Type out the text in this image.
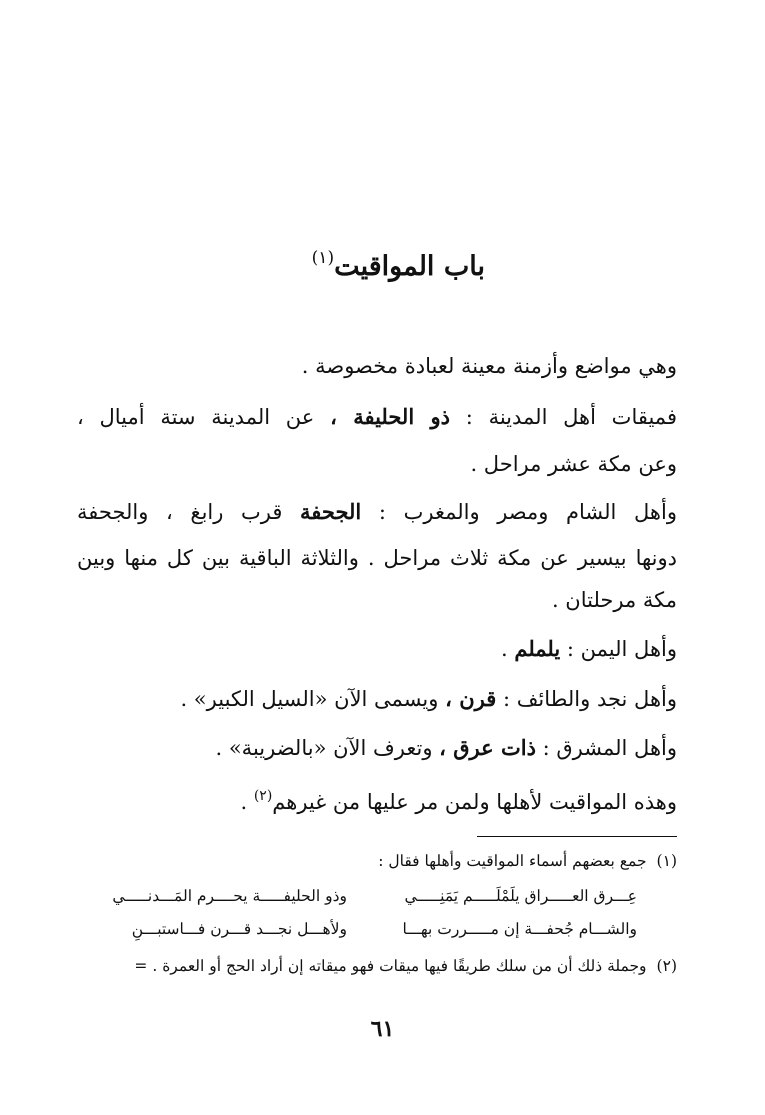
باب المواقيت$^{(١)}$
وهي مواضع وأزمنة معينة لعبادة مخصوصة .
فميقات أهل المدينة : ذو الحليفة ، عن المدينة ستة أميال ،
وعن مكة عشر مراحل .
وأهل الشام ومصر والمغرب : الجحفة قرب رابغ ، والجحفة
دونها بيسير عن مكة ثلاث مراحل . والثلاثة الباقية بين كل منها وبين
مكة مرحلتان .
وأهل اليمن : يلملم .
وأهل نجد والطائف : قرن ، ويسمى الآن «السيل الكبير» .
وأهل المشرق : ذات عرق ، وتعرف الآن «بالضريبة» .
وهذه المواقيت لأهلها ولمن مر عليها من غيرهم$^{(٢)}$ .
(١)جمع بعضهم أسماء المواقيت وأهلها فقال :
عِـــرق العـــــراق يلَمْلَـــــم يَمَنِـــــي
وذو الحليفـــــة يحــــرم المَـــدنـــــي
والشـــام جُحفـــة إن مـــــررت بهـــا
ولأهـــل نجـــد قـــرن فـــاستبـــنِ
(٢)وجملة ذلك أن من سلك طريقًا فيها ميقات فهو ميقاته إن أراد الحج أو العمرة . =
٦١
